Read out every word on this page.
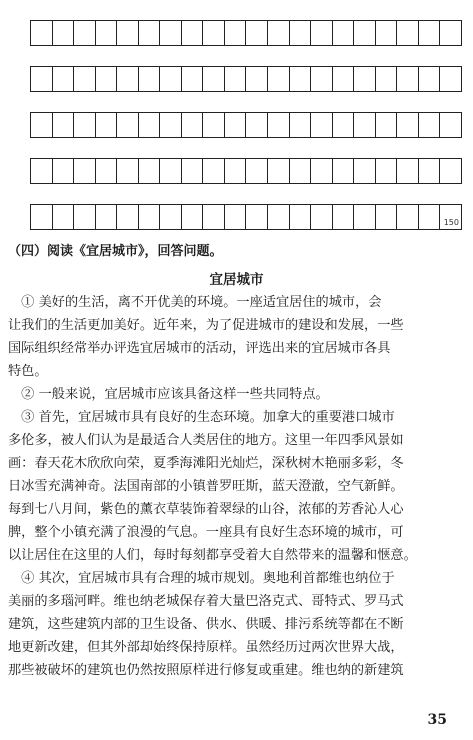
150
（四）阅读《宜居城市》，回答问题。
宜居城市
　① 美好的生活，离不开优美的环境。一座适宜居住的城市，会
让我们的生活更加美好。近年来，为了促进城市的建设和发展，一些
国际组织经常举办评选宜居城市的活动，评选出来的宜居城市各具
特色。
　② 一般来说，宜居城市应该具备这样一些共同特点。
　③ 首先，宜居城市具有良好的生态环境。加拿大的重要港口城市
多伦多，被人们认为是最适合人类居住的地方。这里一年四季风景如
画：春天花木欣欣向荣，夏季海滩阳光灿烂，深秋树木艳丽多彩，冬
日冰雪充满神奇。法国南部的小镇普罗旺斯，蓝天澄澈，空气新鲜。
每到七八月间，紫色的薰衣草装饰着翠绿的山谷，浓郁的芳香沁人心
脾，整个小镇充满了浪漫的气息。一座具有良好生态环境的城市，可
以让居住在这里的人们，每时每刻都享受着大自然带来的温馨和惬意。
　④ 其次，宜居城市具有合理的城市规划。奥地利首都维也纳位于
美丽的多瑙河畔。维也纳老城保存着大量巴洛克式、哥特式、罗马式
建筑，这些建筑内部的卫生设备、供水、供暖、排污系统等都在不断
地更新改建，但其外部却始终保持原样。虽然经历过两次世界大战，
那些被破坏的建筑也仍然按照原样进行修复或重建。维也纳的新建筑
35
